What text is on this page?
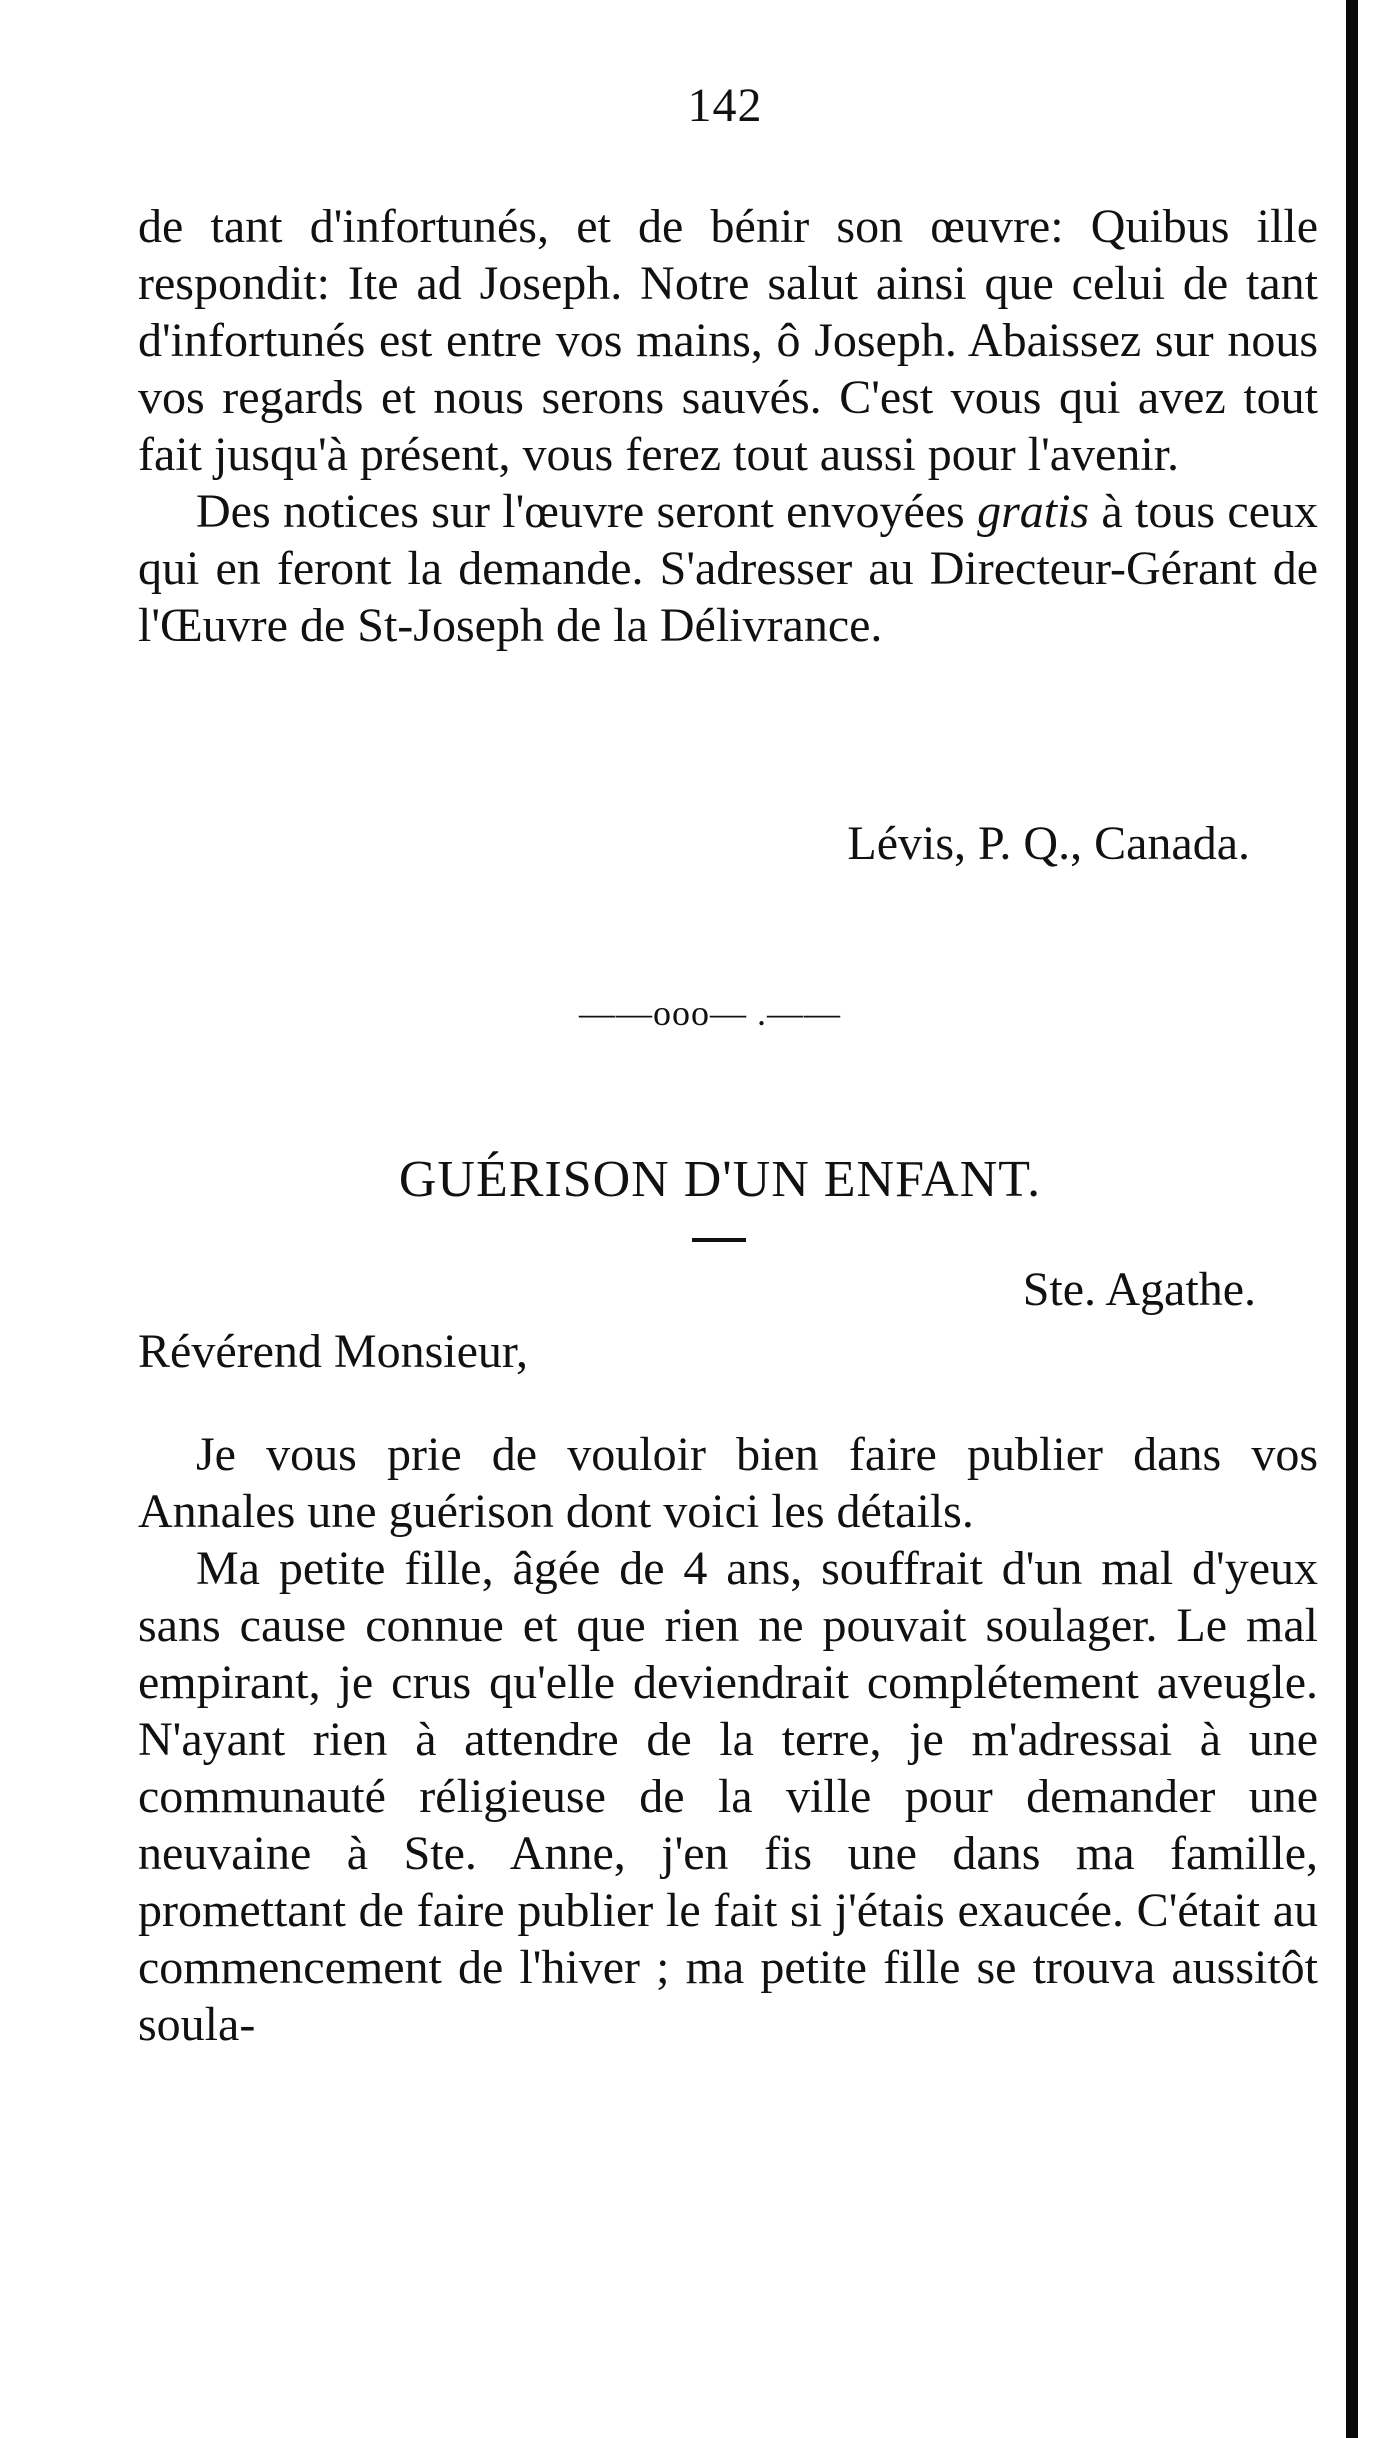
142

de tant d'infortunés, et de bénir son œuvre: Quibus ille respondit: Ite ad Joseph. Notre salut ainsi que celui de tant d'infortunés est entre vos mains, ô Joseph. Abaissez sur nous vos regards et nous serons sauvés. C'est vous qui avez tout fait jusqu'à présent, vous ferez tout aussi pour l'avenir.

Des notices sur l'œuvre seront envoyées gratis à tous ceux qui en feront la demande. S'adresser au Directeur-Gérant de l'Œuvre de St-Joseph de la Délivrance.

Lévis, P. Q., Canada.
——ooo— .——
GUÉRISON D'UN ENFANT.
Ste. Agathe.
Révérend Monsieur,

Je vous prie de vouloir bien faire publier dans vos Annales une guérison dont voici les détails.

Ma petite fille, âgée de 4 ans, souffrait d'un mal d'yeux sans cause connue et que rien ne pouvait soulager. Le mal empirant, je crus qu'elle deviendrait complétement aveugle. N'ayant rien à attendre de la terre, je m'adressai à une communauté réligieuse de la ville pour demander une neuvaine à Ste. Anne, j'en fis une dans ma famille, promettant de faire publier le fait si j'étais exaucée. C'était au commencement de l'hiver ; ma petite fille se trouva aussitôt soula-
